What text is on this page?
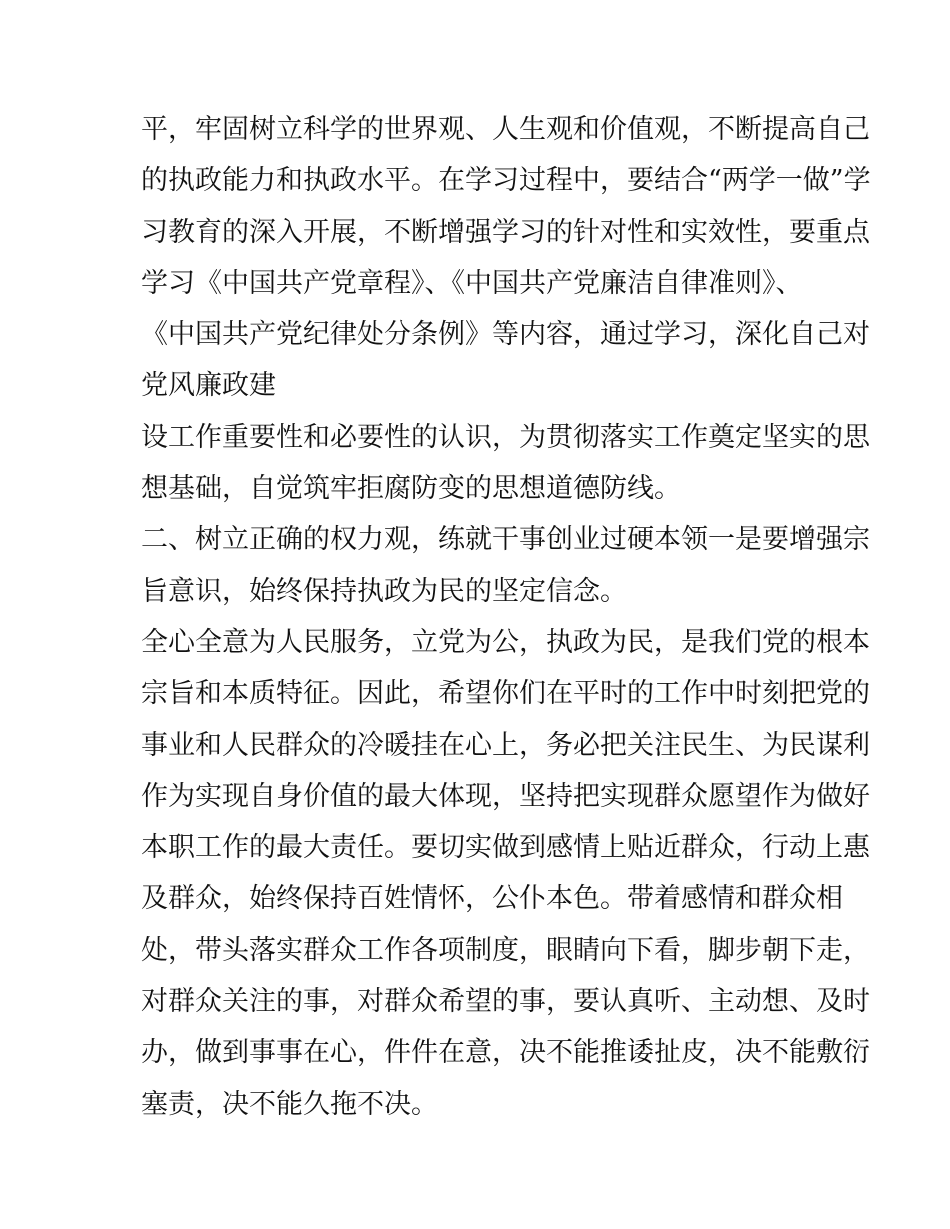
平，牢固树立科学的世界观、人生观和价值观，不断提高自己
的执政能力和执政水平。在学习过程中，要结合“两学一做”学
习教育的深入开展，不断增强学习的针对性和实效性，要重点
学习《中国共产党章程》、《中国共产党廉洁自律准则》、
《中国共产党纪律处分条例》等内容，通过学习，深化自己对
党风廉政建
设工作重要性和必要性的认识，为贯彻落实工作奠定坚实的思
想基础，自觉筑牢拒腐防变的思想道德防线。
二、树立正确的权力观，练就干事创业过硬本领一是要增强宗
旨意识，始终保持执政为民的坚定信念。
全心全意为人民服务，立党为公，执政为民，是我们党的根本
宗旨和本质特征。因此，希望你们在平时的工作中时刻把党的
事业和人民群众的冷暖挂在心上，务必把关注民生、为民谋利
作为实现自身价值的最大体现，坚持把实现群众愿望作为做好
本职工作的最大责任。要切实做到感情上贴近群众，行动上惠
及群众，始终保持百姓情怀，公仆本色。带着感情和群众相
处，带头落实群众工作各项制度，眼睛向下看，脚步朝下走，
对群众关注的事，对群众希望的事，要认真听、主动想、及时
办，做到事事在心，件件在意，决不能推诿扯皮，决不能敷衍
塞责，决不能久拖不决。
